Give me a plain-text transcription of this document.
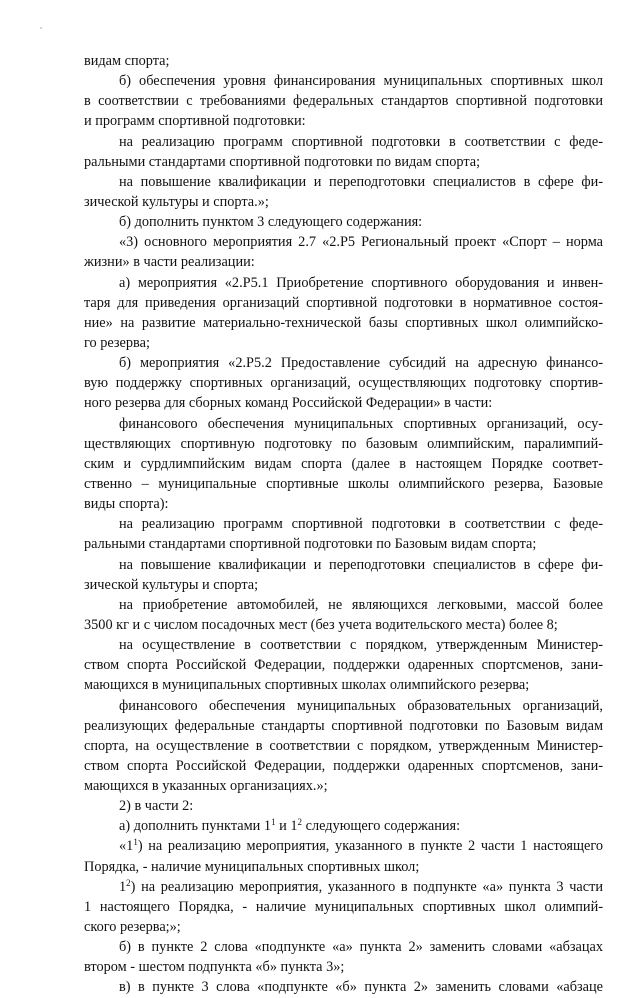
видам спорта;
б) обеспечения уровня финансирования муниципальных спортивных школ
в соответствии с требованиями федеральных стандартов спортивной подготовки
и программ спортивной подготовки:
на реализацию программ спортивной подготовки в соответствии с феде-
ральными стандартами спортивной подготовки по видам спорта;
на повышение квалификации и переподготовки специалистов в сфере фи-
зической культуры и спорта.»;
б) дополнить пунктом 3 следующего содержания:
«3) основного мероприятия 2.7 «2.Р5 Региональный проект «Спорт – норма
жизни» в части реализации:
а) мероприятия «2.Р5.1 Приобретение спортивного оборудования и инвен-
таря для приведения организаций спортивной подготовки в нормативное состоя-
ние» на развитие материально-технической базы спортивных школ олимпийско-
го резерва;
б) мероприятия «2.Р5.2 Предоставление субсидий на адресную финансо-
вую поддержку спортивных организаций, осуществляющих подготовку спортив-
ного резерва для сборных команд Российской Федерации» в части:
финансового обеспечения муниципальных спортивных организаций, осу-
ществляющих спортивную подготовку по базовым олимпийским, паралимпий-
ским и сурдлимпийским видам спорта (далее в настоящем Порядке соответ-
ственно – муниципальные спортивные школы олимпийского резерва, Базовые
виды спорта):
на реализацию программ спортивной подготовки в соответствии с феде-
ральными стандартами спортивной подготовки по Базовым видам спорта;
на повышение квалификации и переподготовки специалистов в сфере фи-
зической культуры и спорта;
на приобретение автомобилей, не являющихся легковыми, массой более
3500 кг и с числом посадочных мест (без учета водительского места) более 8;
на осуществление в соответствии с порядком, утвержденным Министер-
ством спорта Российской Федерации, поддержки одаренных спортсменов, зани-
мающихся в муниципальных спортивных школах олимпийского резерва;
финансового обеспечения муниципальных образовательных организаций,
реализующих федеральные стандарты спортивной подготовки по Базовым видам
спорта, на осуществление в соответствии с порядком, утвержденным Министер-
ством спорта Российской Федерации, поддержки одаренных спортсменов, зани-
мающихся в указанных организациях.»;
2) в части 2:
а) дополнить пунктами $1^1$ и $1^2$ следующего содержания:
«$1^1$) на реализацию мероприятия, указанного в пункте 2 части 1 настоящего
Порядка, - наличие муниципальных спортивных школ;
$1^2$) на реализацию мероприятия, указанного в подпункте «а» пункта 3 части
1 настоящего Порядка, - наличие муниципальных спортивных школ олимпий-
ского резерва;»;
б) в пункте 2 слова «подпункте «а» пункта 2» заменить словами «абзацах
втором - шестом подпункта «б» пункта 3»;
в) в пункте 3 слова «подпункте «б» пункта 2» заменить словами «абзаце
